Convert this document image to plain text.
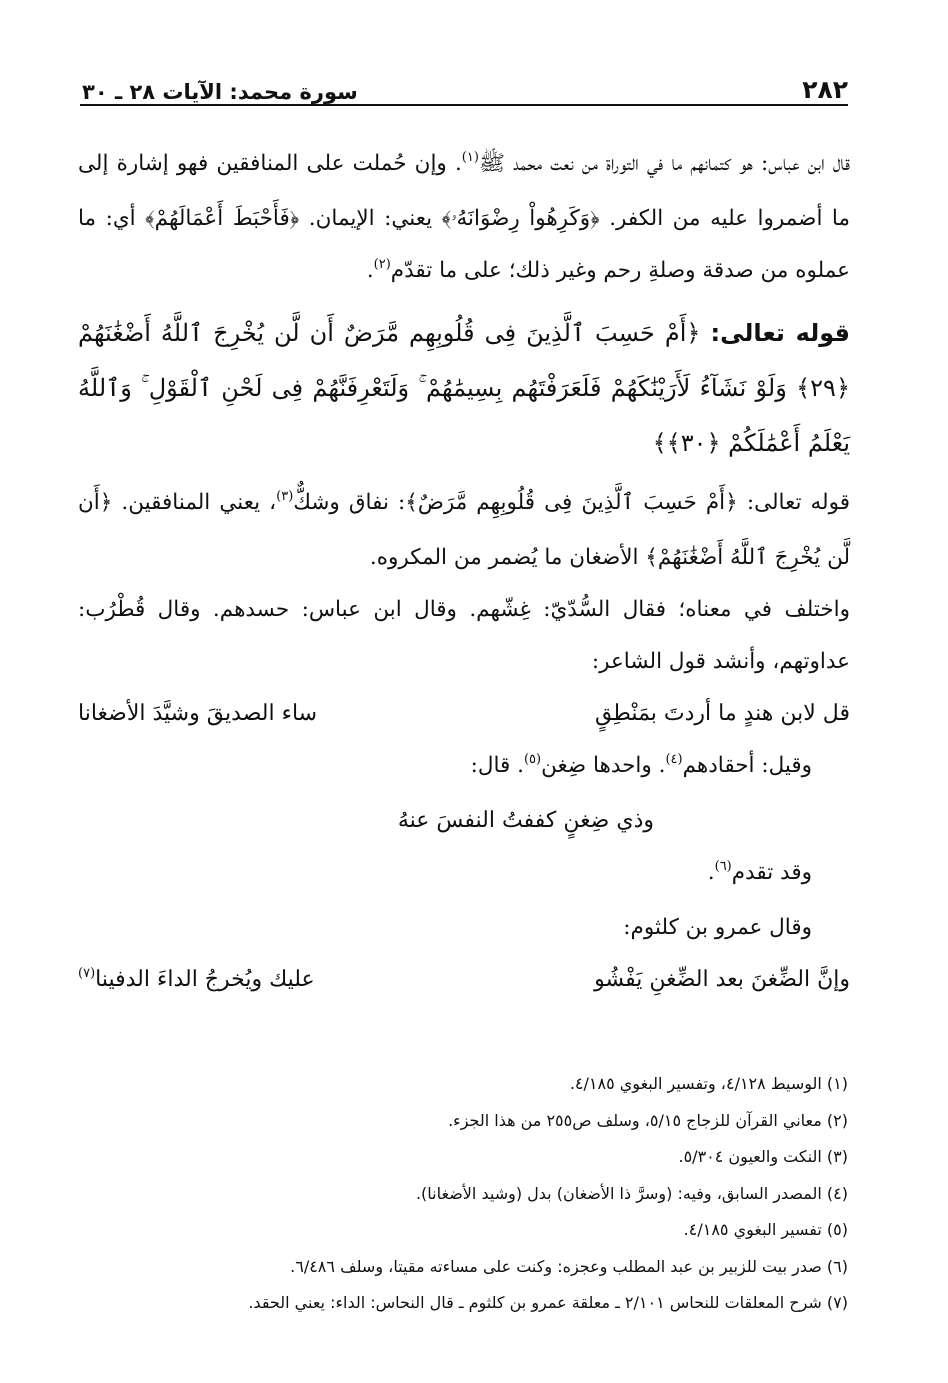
٢٨٢
سورة محمد: الآيات ٢٨ ـ ٣٠

قال ابن عباس: هو كتمانهم ما في التوراة من نعت محمد ﷺ$^{(١)}$. وإن حُملت على المنافقين فهو إشارة إلى ما أضمروا عليه من الكفر. ﴿وَكَرِهُواْ رِضْوَانَهُۥ﴾ يعني: الإيمان. ﴿فَأَحْبَطَ أَعْمَالَهُمْ﴾ أي: ما عملوه من صدقة وصلةِ رحم وغير ذلك؛ على ما تقدّم$^{(٢)}$.

قوله تعالى: ﴿أَمْ حَسِبَ ٱلَّذِينَ فِى قُلُوبِهِم مَّرَضٌ أَن لَّن يُخْرِجَ ٱللَّهُ أَضْغَٰنَهُمْ ﴿٢٩﴾ وَلَوْ نَشَآءُ لَأَرَيْنَٰكَهُمْ فَلَعَرَفْتَهُم بِسِيمَٰهُمْ ۚ وَلَتَعْرِفَنَّهُمْ فِى لَحْنِ ٱلْقَوْلِ ۚ وَٱللَّهُ يَعْلَمُ أَعْمَٰلَكُمْ ﴿٣٠﴾﴾

قوله تعالى: ﴿أَمْ حَسِبَ ٱلَّذِينَ فِى قُلُوبِهِم مَّرَضٌ﴾: نفاق وشكٌّ$^{(٣)}$، يعني المنافقين. ﴿أَن لَّن يُخْرِجَ ٱللَّهُ أَضْغَٰنَهُمْ﴾ الأضغان ما يُضمر من المكروه.

واختلف في معناه؛ فقال السُّدّيّ: غِشّهم. وقال ابن عباس: حسدهم. وقال قُطْرُب: عداوتهم، وأنشد قول الشاعر:

قل لابن هندٍ ما أردتَ بمَنْطِقٍ
ساء الصديقَ وشيَّدَ الأضغانا

وقيل: أحقادهم$^{(٤)}$. واحدها ضِغن$^{(٥)}$. قال:

وذي ضِغنٍ كففتُ النفسَ عنهُ

وقد تقدم$^{(٦)}$.

وقال عمرو بن كلثوم:

وإنَّ الضِّغنَ بعد الضِّغنِ يَفْشُو
عليك ويُخرجُ الداءَ الدفينا$^{(٧)}$

(١) الوسيط ٤/١٢٨، وتفسير البغوي ٤/١٨٥.

(٢) معاني القرآن للزجاج ٥/١٥، وسلف ص٢٥٥ من هذا الجزء.

(٣) النكت والعيون ٥/٣٠٤.

(٤) المصدر السابق، وفيه: (وسرَّ ذا الأضغان) بدل (وشيد الأضغانا).

(٥) تفسير البغوي ٤/١٨٥.

(٦) صدر بيت للزبير بن عبد المطلب وعجزه: وكنت على مساءته مقيتا، وسلف ٦/٤٨٦.

(٧) شرح المعلقات للنحاس ٢/١٠١ ـ معلقة عمرو بن كلثوم ـ قال النحاس: الداء: يعني الحقد.
